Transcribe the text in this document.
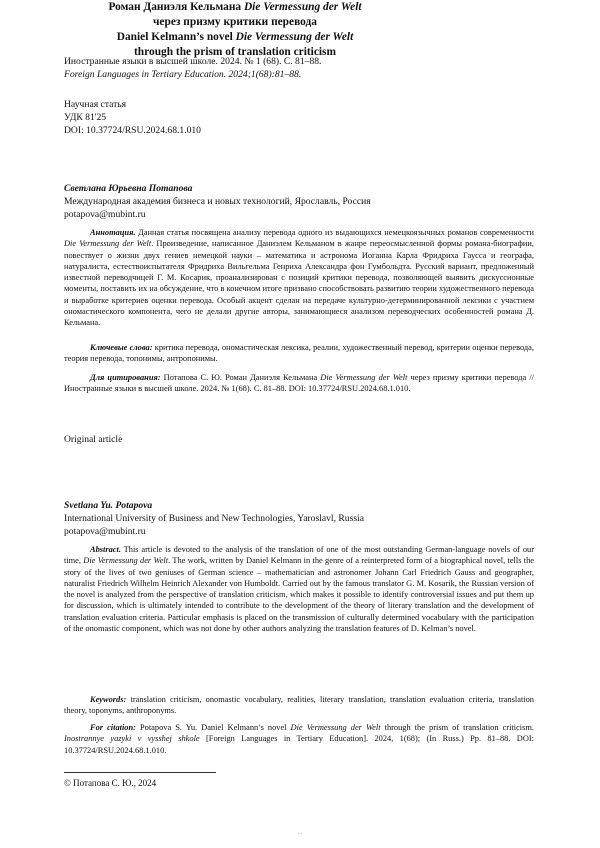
Иностранные языки в высшей школе. 2024. № 1 (68). С. 81–88.

Foreign Languages in Tertiary Education. 2024;1(68):81–88.

Научная статья

УДК 81'25

DOI: 10.37724/RSU.2024.68.1.010

Роман Даниэля Кельмана Die Vermessung der Welt

через призму критики перевода

Светлана Юрьевна Потапова

Международная академия бизнеса и новых технологий, Ярославль, Россия

potapova@mubint.ru

Аннотация. Данная статья посвящена анализу перевода одного из выдающихся немецкоязычных романов современности Die Vermessung der Welt. Произведение, написанное Даниэлем Кельманом в жанре переосмысленной формы романа-биографии, повествует о жизни двух гениев немецкой науки – математика и астронома Иоганна Карла Фридриха Гаусса и географа, натуралиста, естествоиспытателя Фридриха Вильгельма Генриха Александра фон Гумбольдта. Русский вариант, предложенный известной переводчицей Г. М. Косарик, проанализирован с позиций критики перевода, позволяющей выявить дискуссионные моменты, поставить их на обсуждение, что в конечном итоге призвано способствовать развитию теории художественного перевода и выработке критериев оценки перевода. Особый акцент сделан на передаче культурно-детерминированной лексики с участием ономастического компонента, чего не делали другие авторы, занимающиеся анализом переводческих особенностей романа Д. Кельмана.

Ключевые слова: критика перевода, ономастическая лексика, реалии, художественный перевод, критерии оценки перевода, теория перевода, топонимы, антропонимы.

Для цитирования: Потапова С. Ю. Роман Даниэля Кельмана Die Vermessung der Welt через призму критики перевода // Иностранные языки в высшей школе. 2024. № 1(68). С. 81–88. DOI: 10.37724/RSU.2024.68.1.010.

Original article

Daniel Kelmann’s novel Die Vermessung der Welt

through the prism of translation criticism

Svetlana Yu. Potapova

International University of Business and New Technologies, Yaroslavl, Russia

potapova@mubint.ru

Abstract. This article is devoted to the analysis of the translation of one of the most outstanding German-language novels of our time, Die Vermessung der Welt. The work, written by Daniel Kelmann in the genre of a reinterpreted form of a biographical novel, tells the story of the lives of two geniuses of German science – mathematician and astronomer Johann Carl Friedrich Gauss and geographer, naturalist Friedrich Wilhelm Heinrich Alexander von Humboldt. Carried out by the famous translator G. M. Kosarik, the Russian version of the novel is analyzed from the perspective of translation criticism, which makes it possible to identify controversial issues and put them up for discussion, which is ultimately intended to contribute to the development of the theory of literary translation and the development of translation evaluation criteria. Particular emphasis is placed on the transmission of culturally determined vocabulary with the participation of the onomastic component, which was not done by other authors analyzing the translation features of D. Kelman’s novel.

Keywords: translation criticism, onomastic vocabulary, realities, literary translation, translation evaluation criteria, translation theory, toponyms, anthroponyms.

For citation: Potapova S. Yu. Daniel Kelmann’s novel Die Vermessung der Welt through the prism of translation criticism. Inostrannye yazyki v vysshej shkole [Foreign Languages in Tertiary Education]. 2024, 1(68); (In Russ.) Pp. 81–88. DOI: 10.37724/RSU.2024.68.1.010.

© Потапова С. Ю., 2024

··
